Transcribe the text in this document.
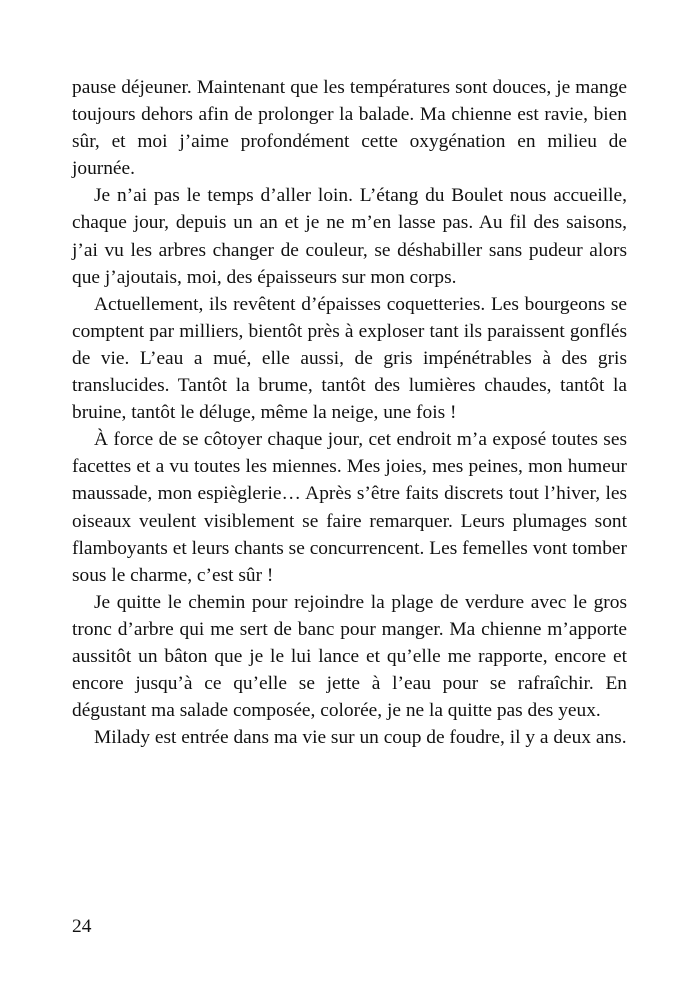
pause déjeuner. Maintenant que les températures sont douces, je mange toujours dehors afin de prolonger la balade. Ma chienne est ravie, bien sûr, et moi j’aime profondément cette oxygénation en milieu de journée.

Je n’ai pas le temps d’aller loin. L’étang du Boulet nous accueille, chaque jour, depuis un an et je ne m’en lasse pas. Au fil des saisons, j’ai vu les arbres changer de couleur, se déshabiller sans pudeur alors que j’ajoutais, moi, des épaisseurs sur mon corps.

Actuellement, ils revêtent d’épaisses coquetteries. Les bourgeons se comptent par milliers, bientôt près à exploser tant ils paraissent gonflés de vie. L’eau a mué, elle aussi, de gris impénétrables à des gris translucides. Tantôt la brume, tantôt des lumières chaudes, tantôt la bruine, tantôt le déluge, même la neige, une fois !

À force de se côtoyer chaque jour, cet endroit m’a exposé toutes ses facettes et a vu toutes les miennes. Mes joies, mes peines, mon humeur maussade, mon espièglerie… Après s’être faits discrets tout l’hiver, les oiseaux veulent visiblement se faire remarquer. Leurs plumages sont flamboyants et leurs chants se concurrencent. Les femelles vont tomber sous le charme, c’est sûr !

Je quitte le chemin pour rejoindre la plage de verdure avec le gros tronc d’arbre qui me sert de banc pour manger. Ma chienne m’apporte aussitôt un bâton que je le lui lance et qu’elle me rapporte, encore et encore jusqu’à ce qu’elle se jette à l’eau pour se rafraîchir. En dégustant ma salade composée, colorée, je ne la quitte pas des yeux.

Milady est entrée dans ma vie sur un coup de foudre, il y a deux ans.

24
